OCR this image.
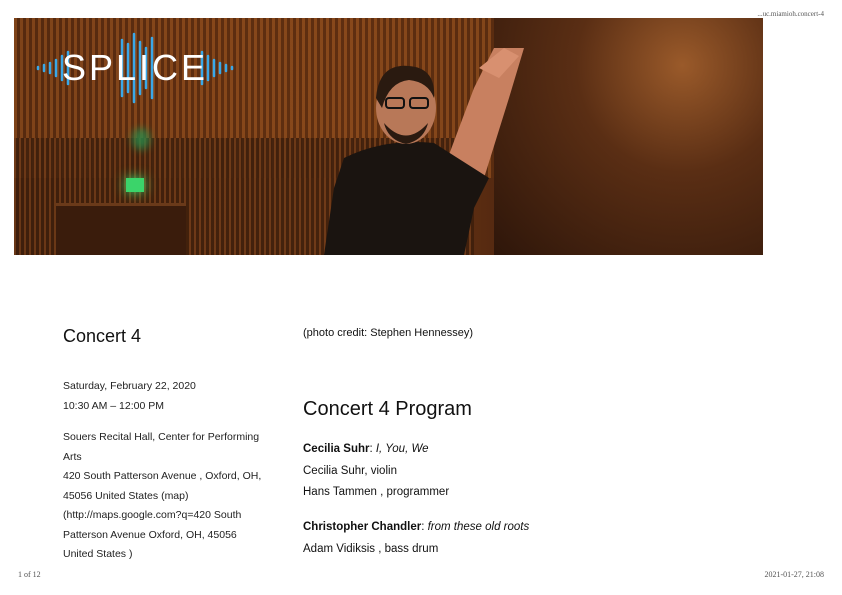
...uc.miamioh.concert-4
SPLICE
Concert 4
Saturday, February 22, 2020
10:30 AM – 12:00 PM
Souers Recital Hall, Center for Performing
Arts
420 South Patterson Avenue , Oxford, OH,
45056 United States (map)
(http://maps.google.com?q=420 South
Patterson Avenue Oxford, OH, 45056
United States )
(photo credit: Stephen Hennessey)
Concert 4 Program
Cecilia Suhr: I, You, We
Cecilia Suhr, violin
Hans Tammen , programmer
Christopher Chandler: from these old roots
Adam Vidiksis , bass drum
1 of 12	2021-01-27, 21:08
